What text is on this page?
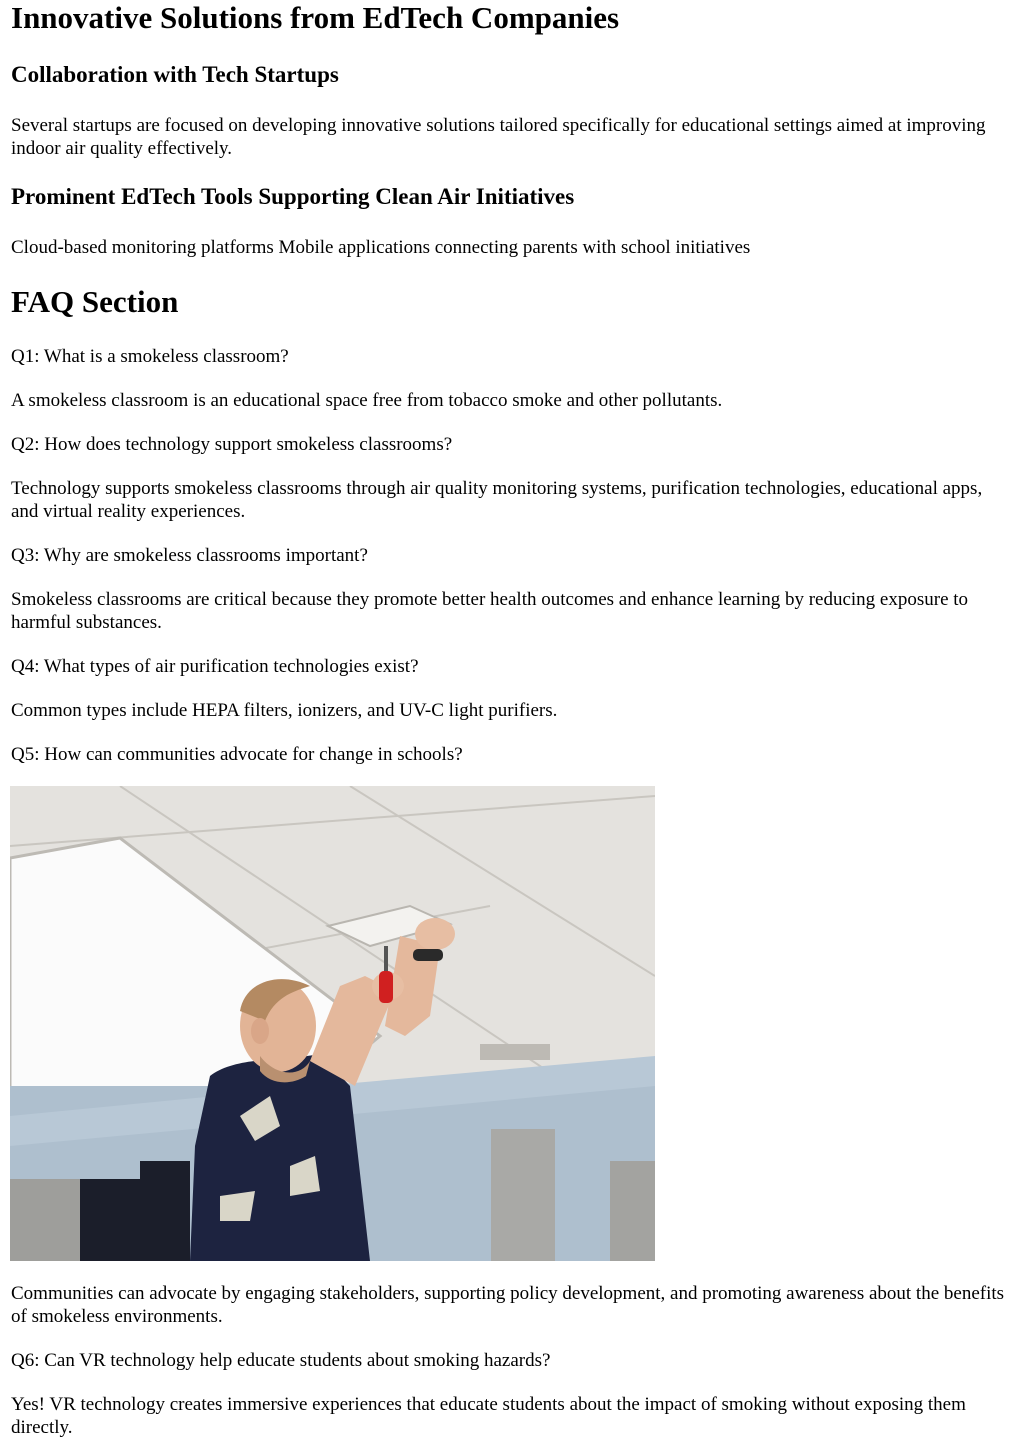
Innovative Solutions from EdTech Companies
Collaboration with Tech Startups

Several startups are focused on developing innovative solutions tailored specifically for educational settings aimed at improving indoor air quality effectively.

Prominent EdTech Tools Supporting Clean Air Initiatives

Cloud-based monitoring platforms Mobile applications connecting parents with school initiatives

FAQ Section

Q1: What is a smokeless classroom?

A smokeless classroom is an educational space free from tobacco smoke and other pollutants.

Q2: How does technology support smokeless classrooms?

Technology supports smokeless classrooms through air quality monitoring systems, purification technologies, educational apps, and virtual reality experiences.

Q3: Why are smokeless classrooms important?

Smokeless classrooms are critical because they promote better health outcomes and enhance learning by reducing exposure to harmful substances.

Q4: What types of air purification technologies exist?

Common types include HEPA filters, ionizers, and UV-C light purifiers.

Q5: How can communities advocate for change in schools?

Communities can advocate by engaging stakeholders, supporting policy development, and promoting awareness about the benefits of smokeless environments.

Q6: Can VR technology help educate students about smoking hazards?

Yes! VR technology creates immersive experiences that educate students about the impact of smoking without exposing them directly.
